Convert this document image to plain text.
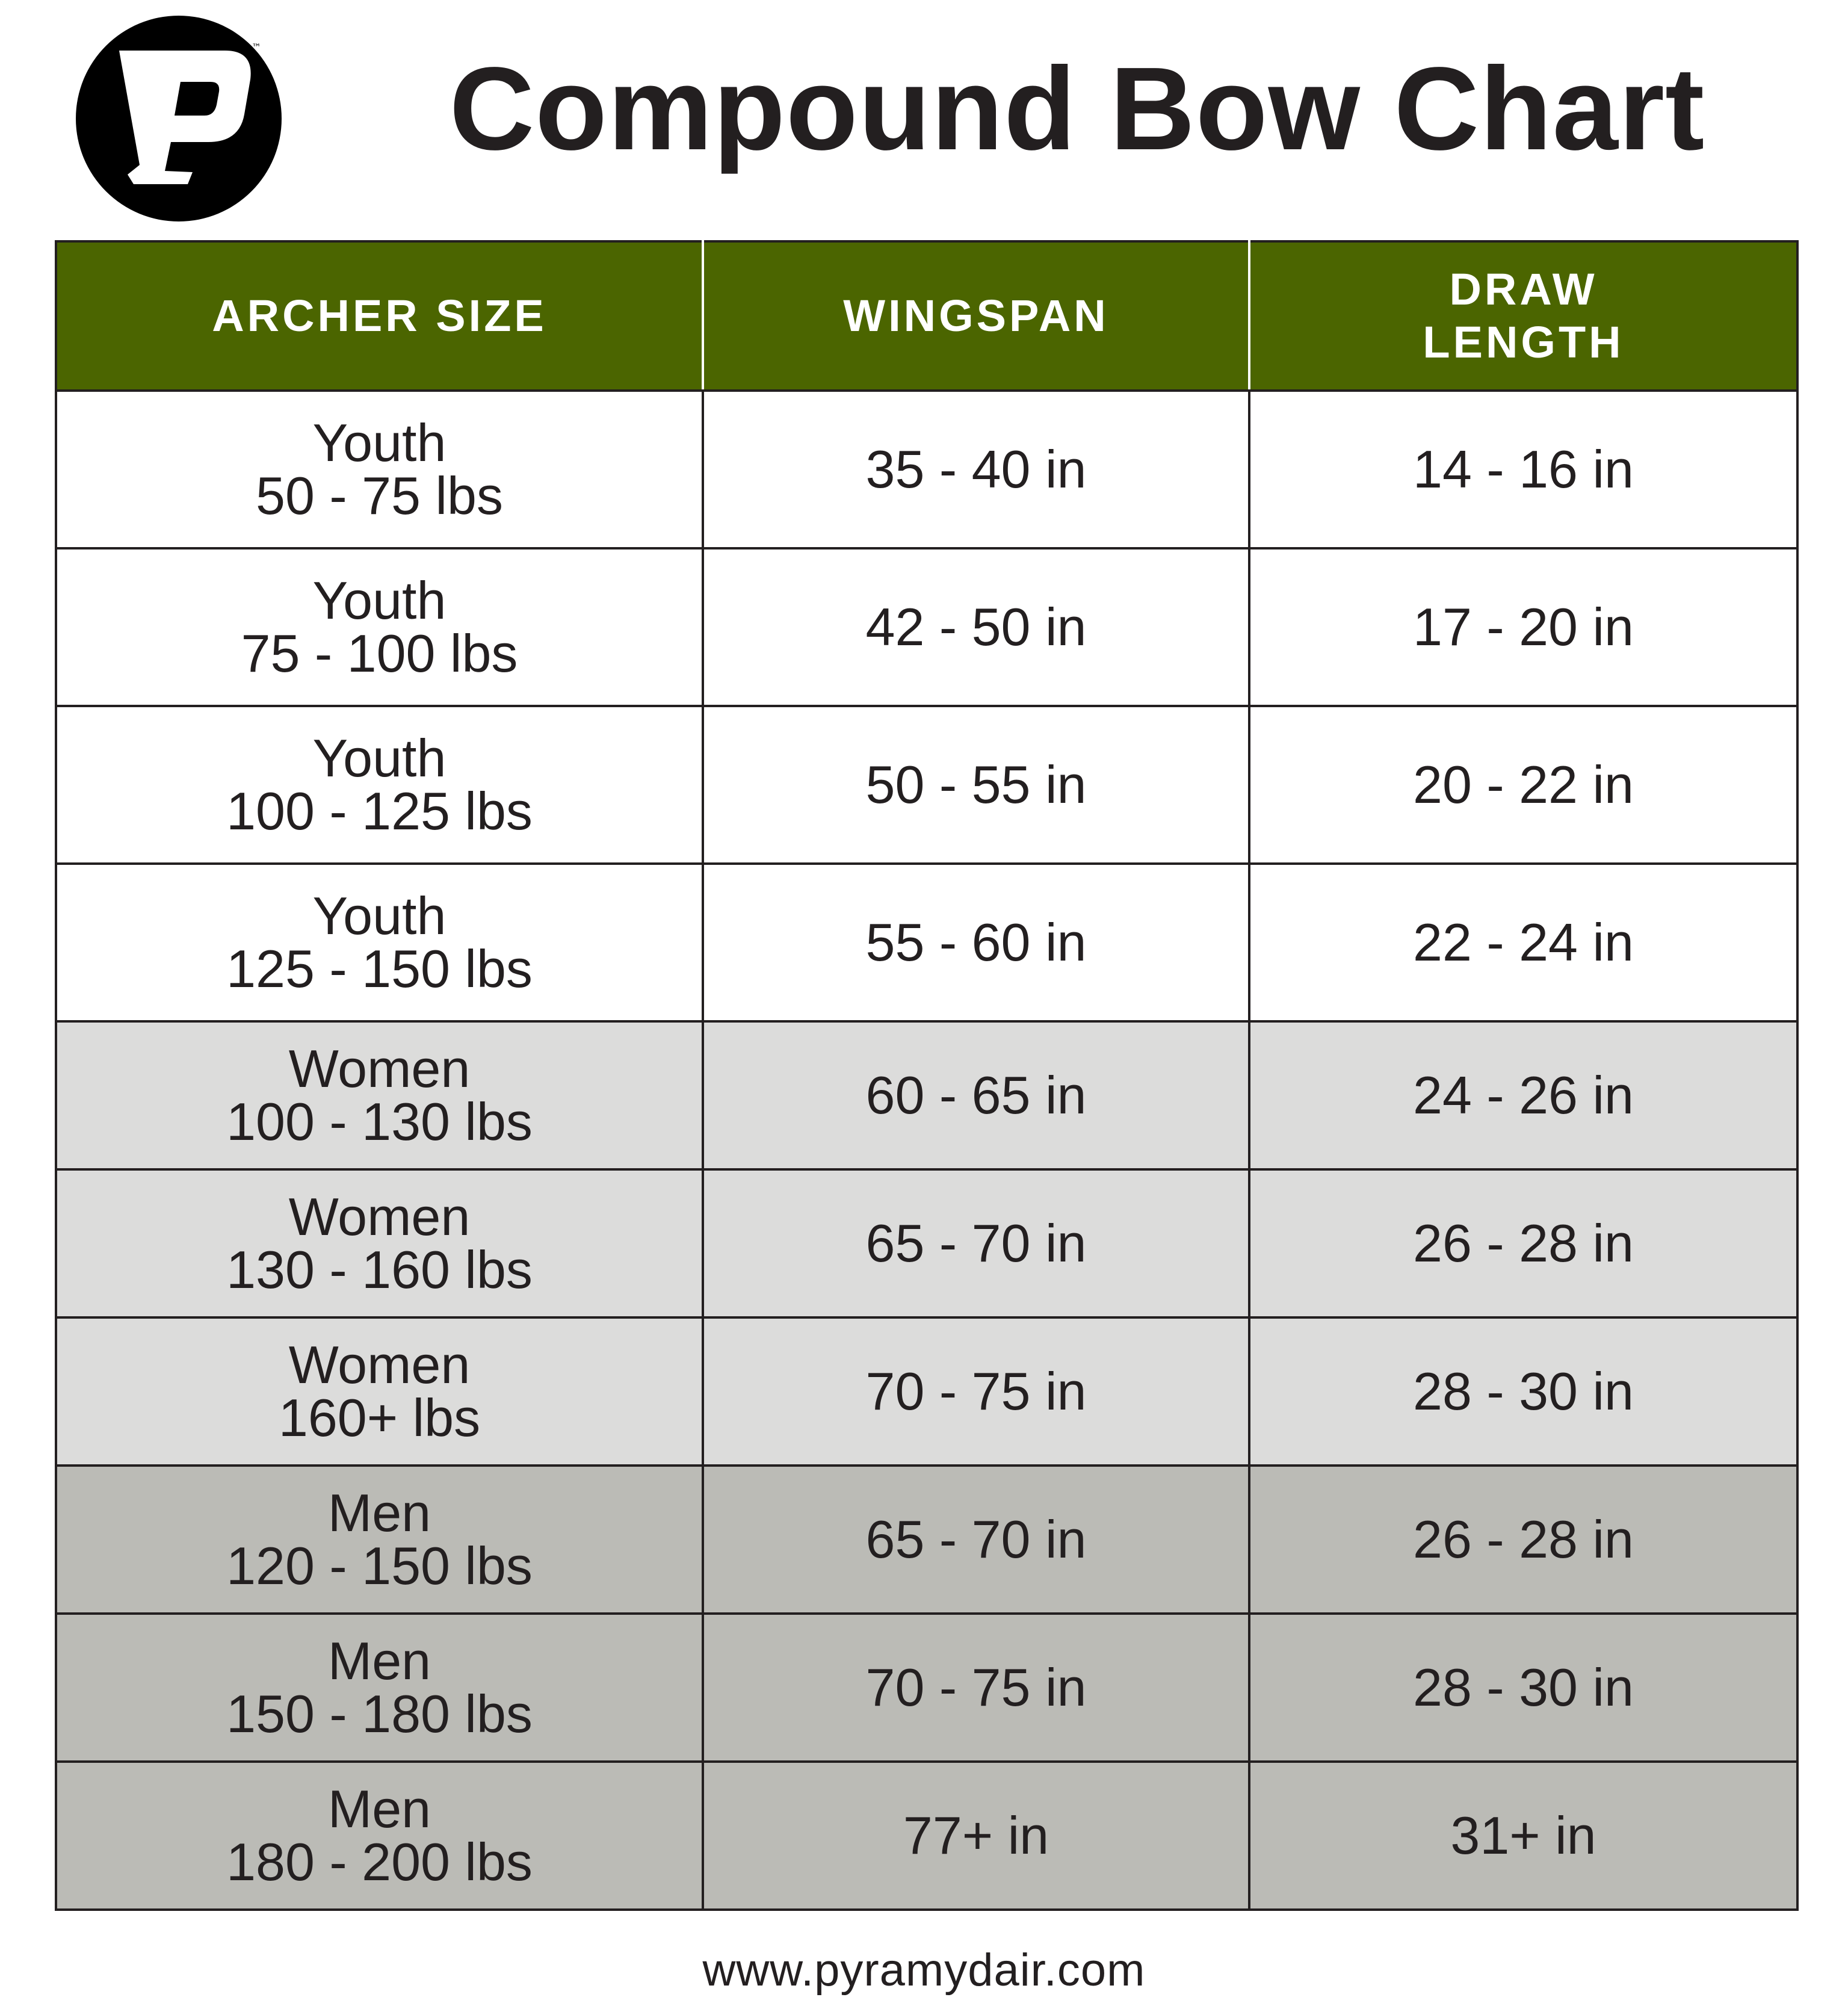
™	Compound Bow Chart
ARCHER SIZE	WINGSPAN	DRAW
LENGTH

Youth
50 - 75 lbs	35 - 40 in	14 - 16 in

Youth
75 - 100 lbs	42 - 50 in	17 - 20 in

Youth
100 - 125 lbs	50 - 55 in	20 - 22 in

Youth
125 - 150 lbs	55 - 60 in	22 - 24 in

Women
100 - 130 lbs	60 - 65 in	24 - 26 in

Women
130 - 160 lbs	65 - 70 in	26 - 28 in

Women
160+ lbs	70 - 75 in	28 - 30 in

Men
120 - 150 lbs	65 - 70 in	26 - 28 in

Men
150 - 180 lbs	70 - 75 in	28 - 30 in

Men
180 - 200 lbs	77+ in	31+ in
www.pyramydair.com
